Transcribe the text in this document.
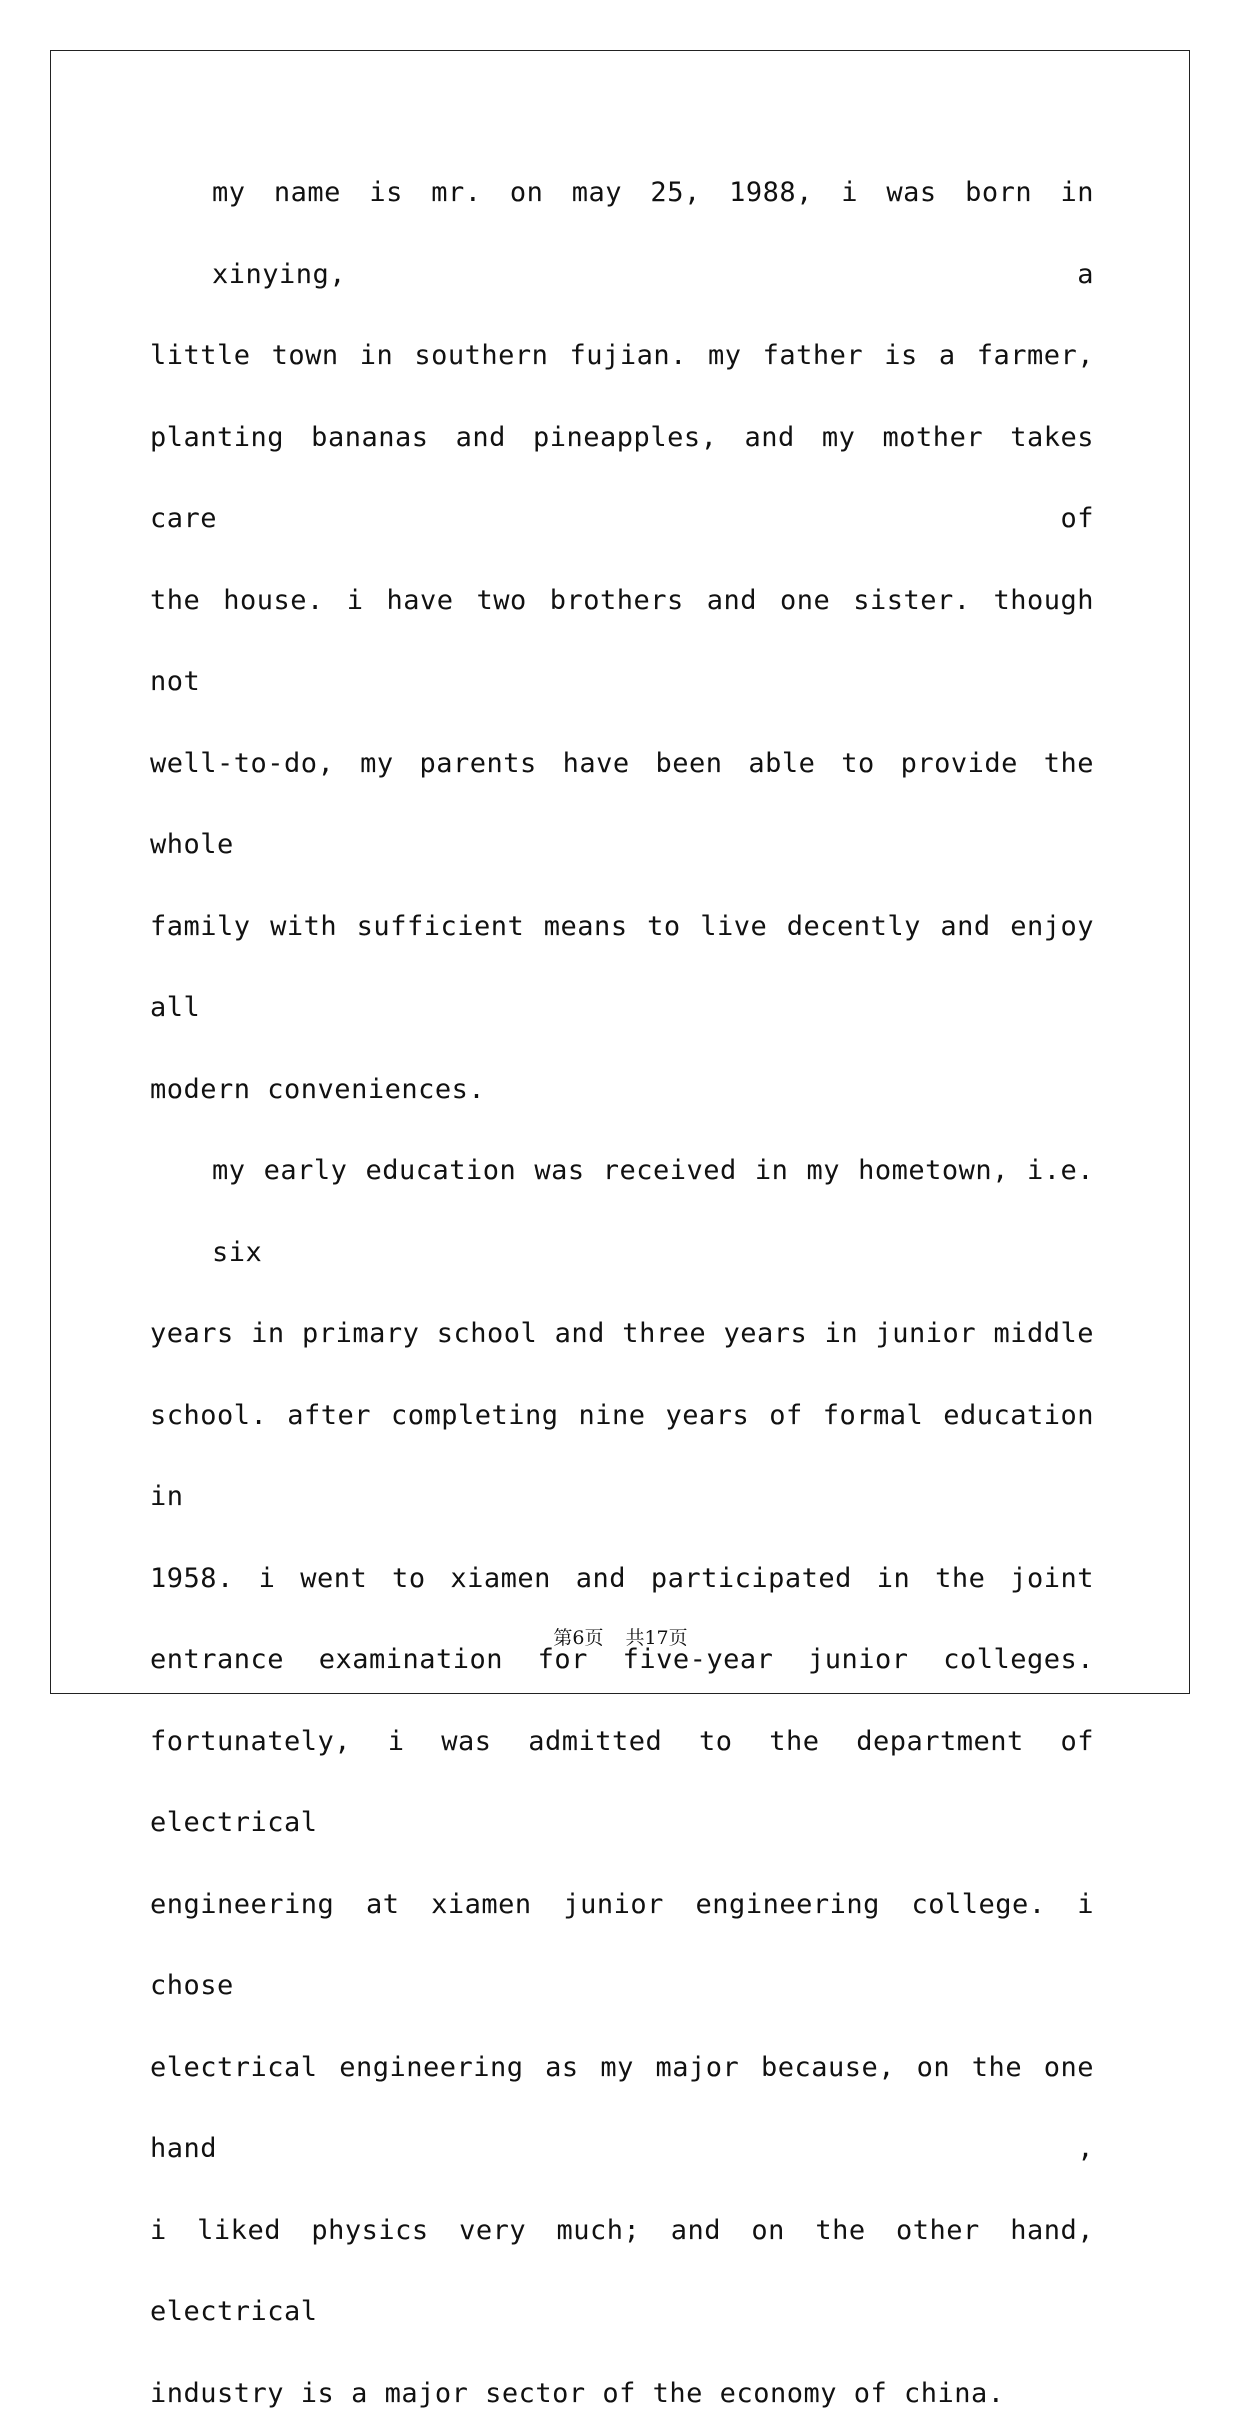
my name is mr. on may 25, 1988, i was born in xinying, a
little town in southern fujian. my father is a farmer,
planting bananas and pineapples, and my mother takes care of
the house. i have two brothers and one sister. though not
well-to-do, my parents have been able to provide the whole
family with sufficient means to live decently and enjoy all
modern conveniences.
my early education was received in my hometown, i.e. six
years in primary school and three years in junior middle
school. after completing nine years of formal education in
1958. i went to xiamen and participated in the joint
entrance examination for five-year junior colleges.
fortunately, i was admitted to the department of electrical
engineering at xiamen junior engineering college. i chose
electrical engineering as my major because, on the one hand ,
i liked physics very much; and on the other hand, electrical
industry is a major sector of the economy of china.
第6页 共17页
